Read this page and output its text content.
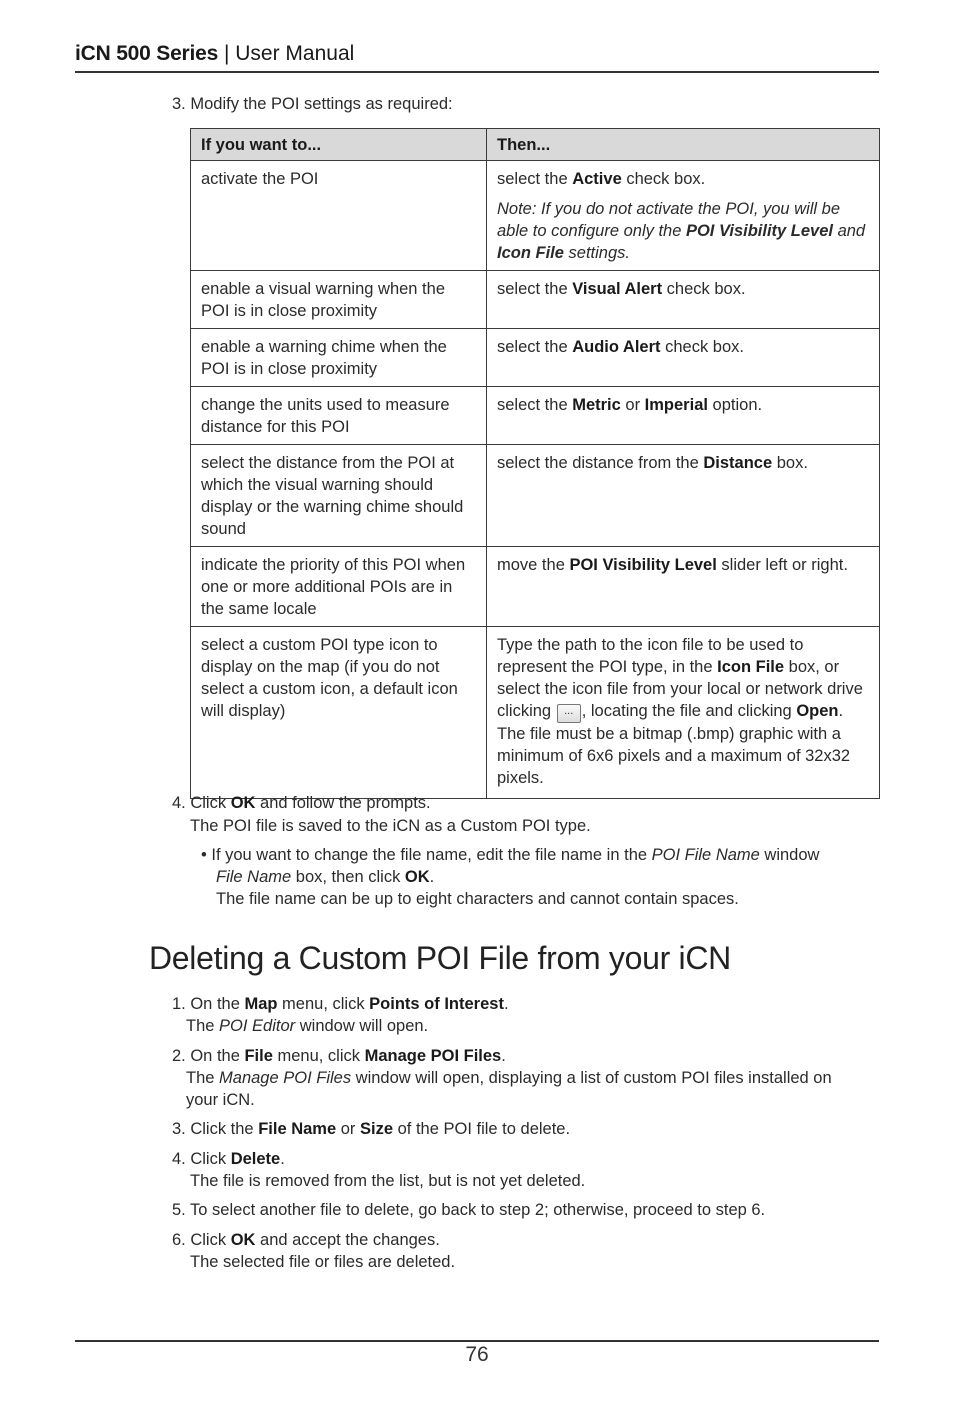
iCN 500 Series | User Manual
3. Modify the POI settings as required:
If you want to...	Then...
activate the POI	select the Active check box.
Note: If you do not activate the POI, you will be able to configure only the POI Visibility Level and Icon File settings.

enable a visual warning when the POI is in close proximity	select the Visual Alert check box.
enable a warning chime when the POI is in close proximity	select the Audio Alert check box.
change the units used to measure distance for this POI	select the Metric or Imperial option.
select the distance from the POI at which the visual warning should display or the warning chime should sound	select the distance from the Distance box.
indicate the priority of this POI when one or more additional POIs are in the same locale	move the POI Visibility Level slider left or right.
select a custom POI type icon to display on the map (if you do not select a custom icon, a default icon will display)	Type the path to the icon file to be used to represent the POI type, in the Icon File box, or select the icon file from your local or network drive clicking ... , locating the file and clicking Open. The file must be a bitmap (.bmp) graphic with a minimum of 6x6 pixels and a maximum of 32x32 pixels.
4. Click OK and follow the prompts.
The POI file is saved to the iCN as a Custom POI type.
• If you want to change the file name, edit the file name in the POI File Name window
File Name box, then click OK.
The file name can be up to eight characters and cannot contain spaces.
Deleting a Custom POI File from your iCN
1. On the Map menu, click Points of Interest.
The POI Editor window will open.
2. On the File menu, click Manage POI Files.
The Manage POI Files window will open, displaying a list of custom POI files installed on
your iCN.
3. Click the File Name or Size of the POI file to delete.
4. Click Delete.
The file is removed from the list, but is not yet deleted.
5. To select another file to delete, go back to step 2; otherwise, proceed to step 6.
6. Click OK and accept the changes.
The selected file or files are deleted.
76
